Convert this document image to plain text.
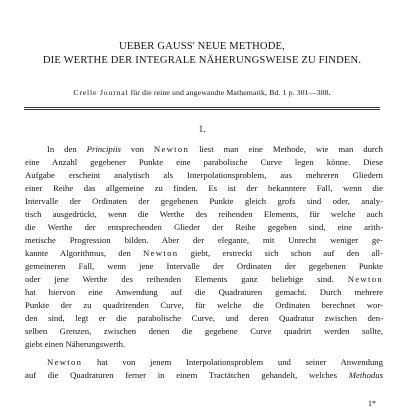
UEBER GAUSS' NEUE METHODE,
DIE WERTHE DER INTEGRALE NÄHERUNGSWEISE ZU FINDEN.
Crelle Journal für die reine und angewandte Mathematik, Bd. 1 p. 301—308.
1.
In den Principiis von Newton liest man eine Methode, wie man durch
eine Anzahl gegebener Punkte eine parabolische Curve legen könne. Diese
Aufgabe erscheint analytisch als Interpolationsproblem, aus mehreren Gliedern
einer Reihe das allgemeine zu finden. Es ist der bekanntere Fall, wenn die
Intervalle der Ordinaten der gegebenen Punkte gleich grofs sind oder, analy-
tisch ausgedrückt, wenn die Werthe des reihenden Elements, für welche auch
die Werthe der entsprechenden Glieder der Reihe gegeben sind, eine arith-
metische Progression bilden. Aber der elegante, mit Unrecht weniger ge-
kannte Algorithmus, den Newton giebt, erstreckt sich schon auf den all-
gemeineren Fall, wenn jene Intervalle der Ordinaten der gegebenen Punkte
oder jene Werthe des reihenden Elements ganz beliebige sind. Newton
hat hiervon eine Anwendung auf die Quadraturen gemacht. Durch mehrere
Punkte der zu quadrirenden Curve, für welche die Ordinaten berechnet wor-
den sind, legt er die parabolische Curve, und deren Quadratur zwischen den-
selben Grenzen, zwischen denen die gegebene Curve quadrirt werden sollte,
giebt einen Näherungswerth.
Newton hat von jenem Interpolationsproblem und seiner Anwendung
auf die Quadraturen ferner in einem Tractätchen gehandelt, welches Methodus
1*
